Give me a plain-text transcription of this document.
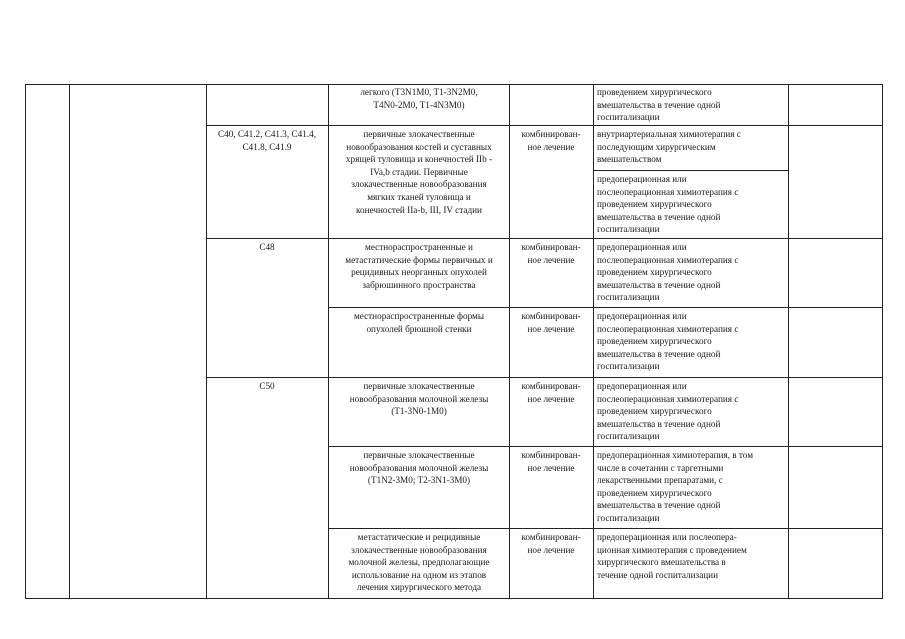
легкого (T3N1M0, T1-3N2M0,
T4N0-2M0, T1-4N3M0)
проведением хирургического
вмешательства в течение одной
госпитализации
C40, C41.2, C41.3, C41.4,
C41.8, C41.9
первичные злокачественные
новообразования костей и суставных
хрящей туловища и конечностей IIb -
IVa,b стадии. Первичные
злокачественные новообразования
мягких тканей туловища и
конечностей IIa-b, III, IV стадии
комбинирован-
ное лечение
внутриартериальная химиотерапия с
последующим хирургическим
вмешательством
предоперационная или
послеоперационная химиотерапия с
проведением хирургического
вмешательства в течение одной
госпитализации
C48	местнораспространенные и
метастатические формы первичных и
рецидивных неорганных опухолей
забрюшинного пространства
комбинирован-
ное лечение
предоперационная или
послеоперационная химиотерапия с
проведением хирургического
вмешательства в течение одной
госпитализации
местнораспространенные формы
опухолей брюшной стенки
комбинирован-
ное лечение
предоперационная или
послеоперационная химиотерапия с
проведением хирургического
вмешательства в течение одной
госпитализации
C50	первичные злокачественные
новообразования молочной железы
(T1-3N0-1M0)
комбинирован-
ное лечение
предоперационная или
послеоперационная химиотерапия с
проведением хирургического
вмешательства в течение одной
госпитализации
первичные злокачественные
новообразования молочной железы
(T1N2-3M0; T2-3N1-3M0)
комбинирован-
ное лечение
предоперационная химиотерапия, в том
числе в сочетании с таргетными
лекарственными препаратами, с
проведением хирургического
вмешательства в течение одной
госпитализации
метастатические и рецидивные
злокачественные новообразования
молочной железы, предполагающие
использование на одном из этапов
лечения хирургического метода
комбинирован-
ное лечение
предоперационная или послеопера-
ционная химиотерапия с проведением
хирургического вмешательства в
течение одной госпитализации
